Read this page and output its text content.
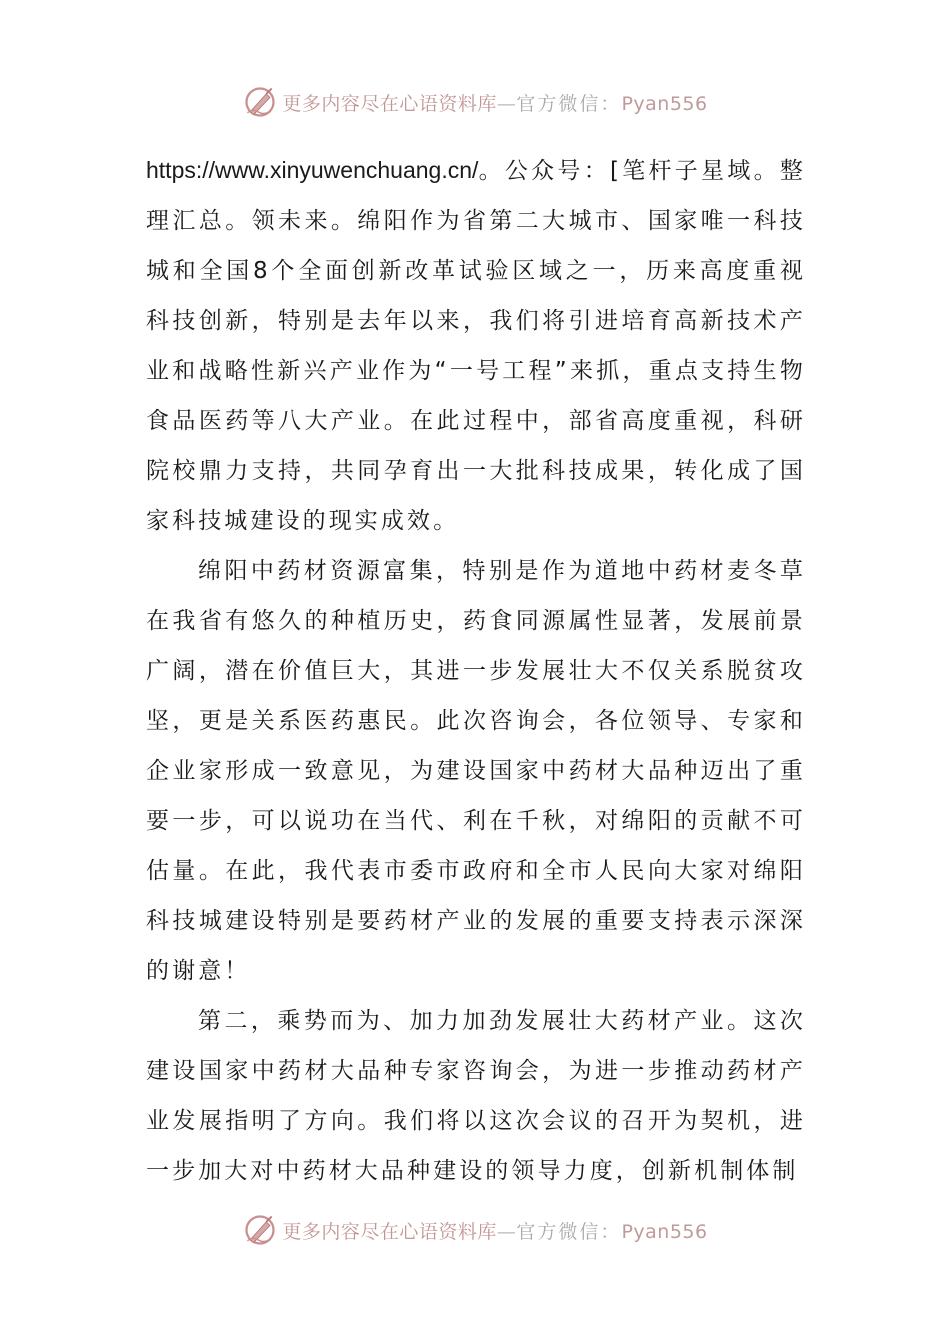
更多内容尽在心语资料库—官方微信：Pyan556

https://www.xinyuwenchuang.cn/。公众号：[笔杆子星域。整理汇总。领未来。绵阳作为省第二大城市、国家唯一科技城和全国8个全面创新改革试验区域之一，历来高度重视科技创新，特别是去年以来，我们将引进培育高新技术产业和战略性新兴产业作为“一号工程”来抓，重点支持生物食品医药等八大产业。在此过程中，部省高度重视，科研院校鼎力支持，共同孕育出一大批科技成果，转化成了国家科技城建设的现实成效。

绵阳中药材资源富集，特别是作为道地中药材麦冬草在我省有悠久的种植历史，药食同源属性显著，发展前景广阔，潜在价值巨大，其进一步发展壮大不仅关系脱贫攻坚，更是关系医药惠民。此次咨询会，各位领导、专家和企业家形成一致意见，为建设国家中药材大品种迈出了重要一步，可以说功在当代、利在千秋，对绵阳的贡献不可估量。在此，我代表市委市政府和全市人民向大家对绵阳科技城建设特别是要药材产业的发展的重要支持表示深深的谢意！

第二，乘势而为、加力加劲发展壮大药材产业。这次建设国家中药材大品种专家咨询会，为进一步推动药材产业发展指明了方向。我们将以这次会议的召开为契机，进一步加大对中药材大品种建设的领导力度，创新机制体制

更多内容尽在心语资料库—官方微信：Pyan556
